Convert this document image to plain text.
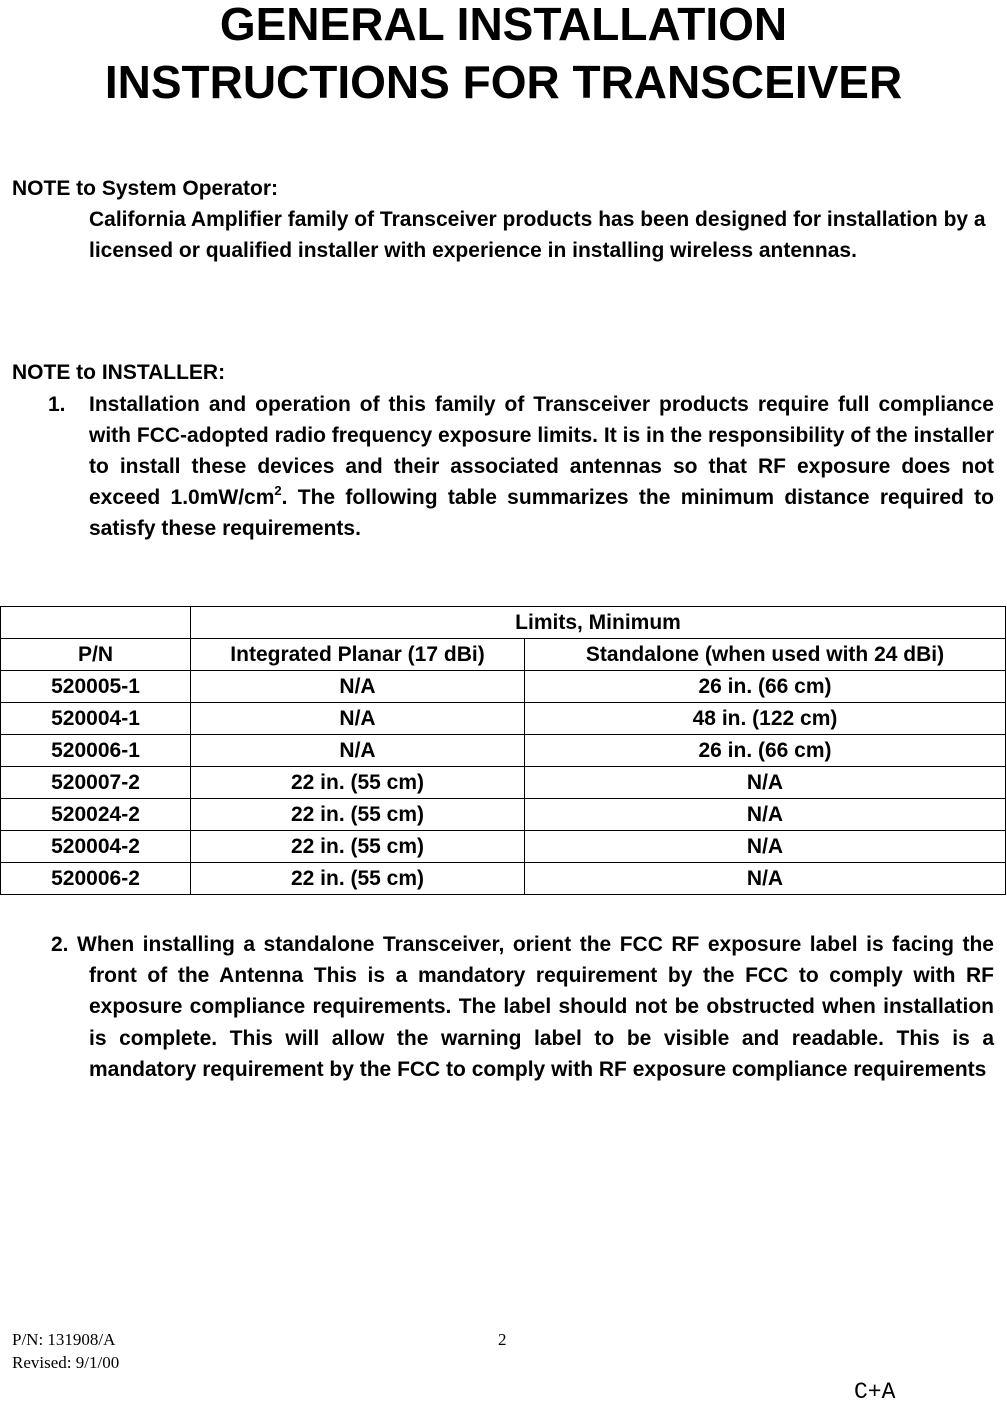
GENERAL INSTALLATION
INSTRUCTIONS FOR TRANSCEIVER

NOTE to System Operator:

California Amplifier family of Transceiver products has been designed for installation by a licensed or qualified installer with experience in installing wireless antennas.

NOTE to INSTALLER:

1. Installation and operation of this family of Transceiver products require full compliance with FCC-adopted radio frequency exposure limits. It is in the responsibility of the installer to install these devices and their associated antennas so that RF exposure does not exceed $1.0mW/cm^2$. The following table summarizes the minimum distance required to satisfy these requirements.

	Limits, Minimum	
P/N	Integrated Planar (17 dBi)	Standalone (when used with 24 dBi)
520005-1	N/A	26 in. (66 cm)
520004-1	N/A	48 in. (122 cm)
520006-1	N/A	26 in. (66 cm)
520007-2	22 in. (55 cm)	N/A
520024-2	22 in. (55 cm)	N/A
520004-2	22 in. (55 cm)	N/A
520006-2	22 in. (55 cm)	N/A

2. When installing a standalone Transceiver, orient the FCC RF exposure label is facing the front of the Antenna This is a mandatory requirement by the FCC to comply with RF exposure compliance requirements. The label should not be obstructed when installation is complete. This will allow the warning label to be visible and readable. This is a mandatory requirement by the FCC to comply with RF exposure compliance requirements

P/N: 131908/A
Revised: 9/1/00
2
C+A
